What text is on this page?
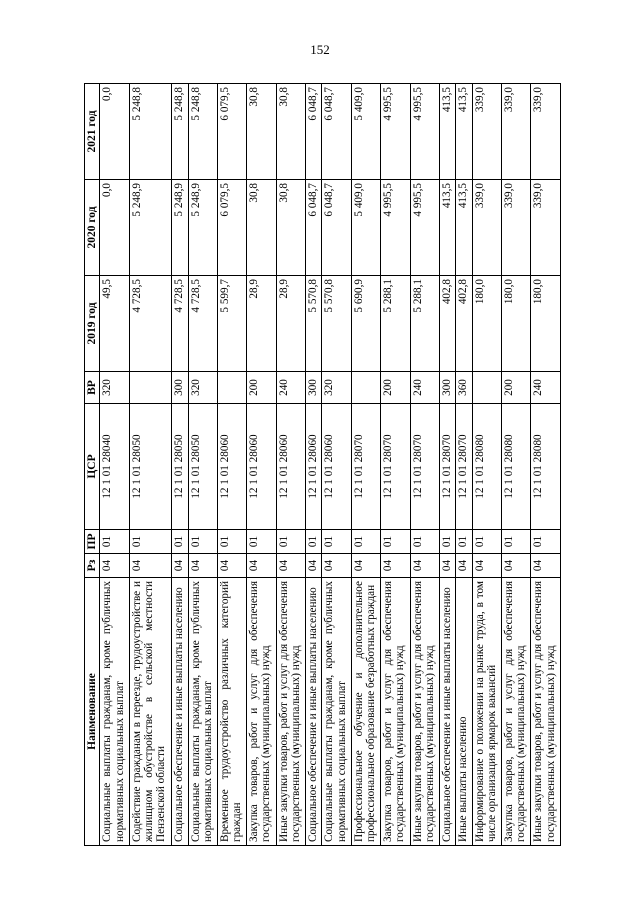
152
Наименование	Рз	ПР	ЦСР	ВР	2019 год	2020 год	2021 год
Социальные выплаты гражданам, кроме публичных нормативных социальных выплат	04	01	12 1 01 28040	320	49,5	0,0	0,0
Содействие гражданам в переезде, трудоустройстве и жилищном обустройстве в сельской местности Пензенской области	04	01	12 1 01 28050		4 728,5	5 248,9	5 248,8
Социальное обеспечение и иные выплаты населению	04	01	12 1 01 28050	300	4 728,5	5 248,9	5 248,8
Социальные выплаты гражданам, кроме публичных нормативных социальных выплат	04	01	12 1 01 28050	320	4 728,5	5 248,9	5 248,8
Временное трудоустройство различных категорий граждан	04	01	12 1 01 28060		5 599,7	6 079,5	6 079,5
Закупка товаров, работ и услуг для обеспечения государственных (муниципальных) нужд	04	01	12 1 01 28060	200	28,9	30,8	30,8
Иные закупки товаров, работ и услуг для обеспечения государственных (муниципальных) нужд	04	01	12 1 01 28060	240	28,9	30,8	30,8
Социальное обеспечение и иные выплаты населению	04	01	12 1 01 28060	300	5 570,8	6 048,7	6 048,7
Социальные выплаты гражданам, кроме публичных нормативных социальных выплат	04	01	12 1 01 28060	320	5 570,8	6 048,7	6 048,7
Профессиональное обучение и дополнительное профессиональное образование безработных граждан	04	01	12 1 01 28070		5 690,9	5 409,0	5 409,0
Закупка товаров, работ и услуг для обеспечения государственных (муниципальных) нужд	04	01	12 1 01 28070	200	5 288,1	4 995,5	4 995,5
Иные закупки товаров, работ и услуг для обеспечения государственных (муниципальных) нужд	04	01	12 1 01 28070	240	5 288,1	4 995,5	4 995,5
Социальное обеспечение и иные выплаты населению	04	01	12 1 01 28070	300	402,8	413,5	413,5
Иные выплаты населению	04	01	12 1 01 28070	360	402,8	413,5	413,5
Информирование о положении на рынке труда, в том числе организация ярмарок вакансий	04	01	12 1 01 28080		180,0	339,0	339,0
Закупка товаров, работ и услуг для обеспечения государственных (муниципальных) нужд	04	01	12 1 01 28080	200	180,0	339,0	339,0
Иные закупки товаров, работ и услуг для обеспечения государственных (муниципальных) нужд	04	01	12 1 01 28080	240	180,0	339,0	339,0
